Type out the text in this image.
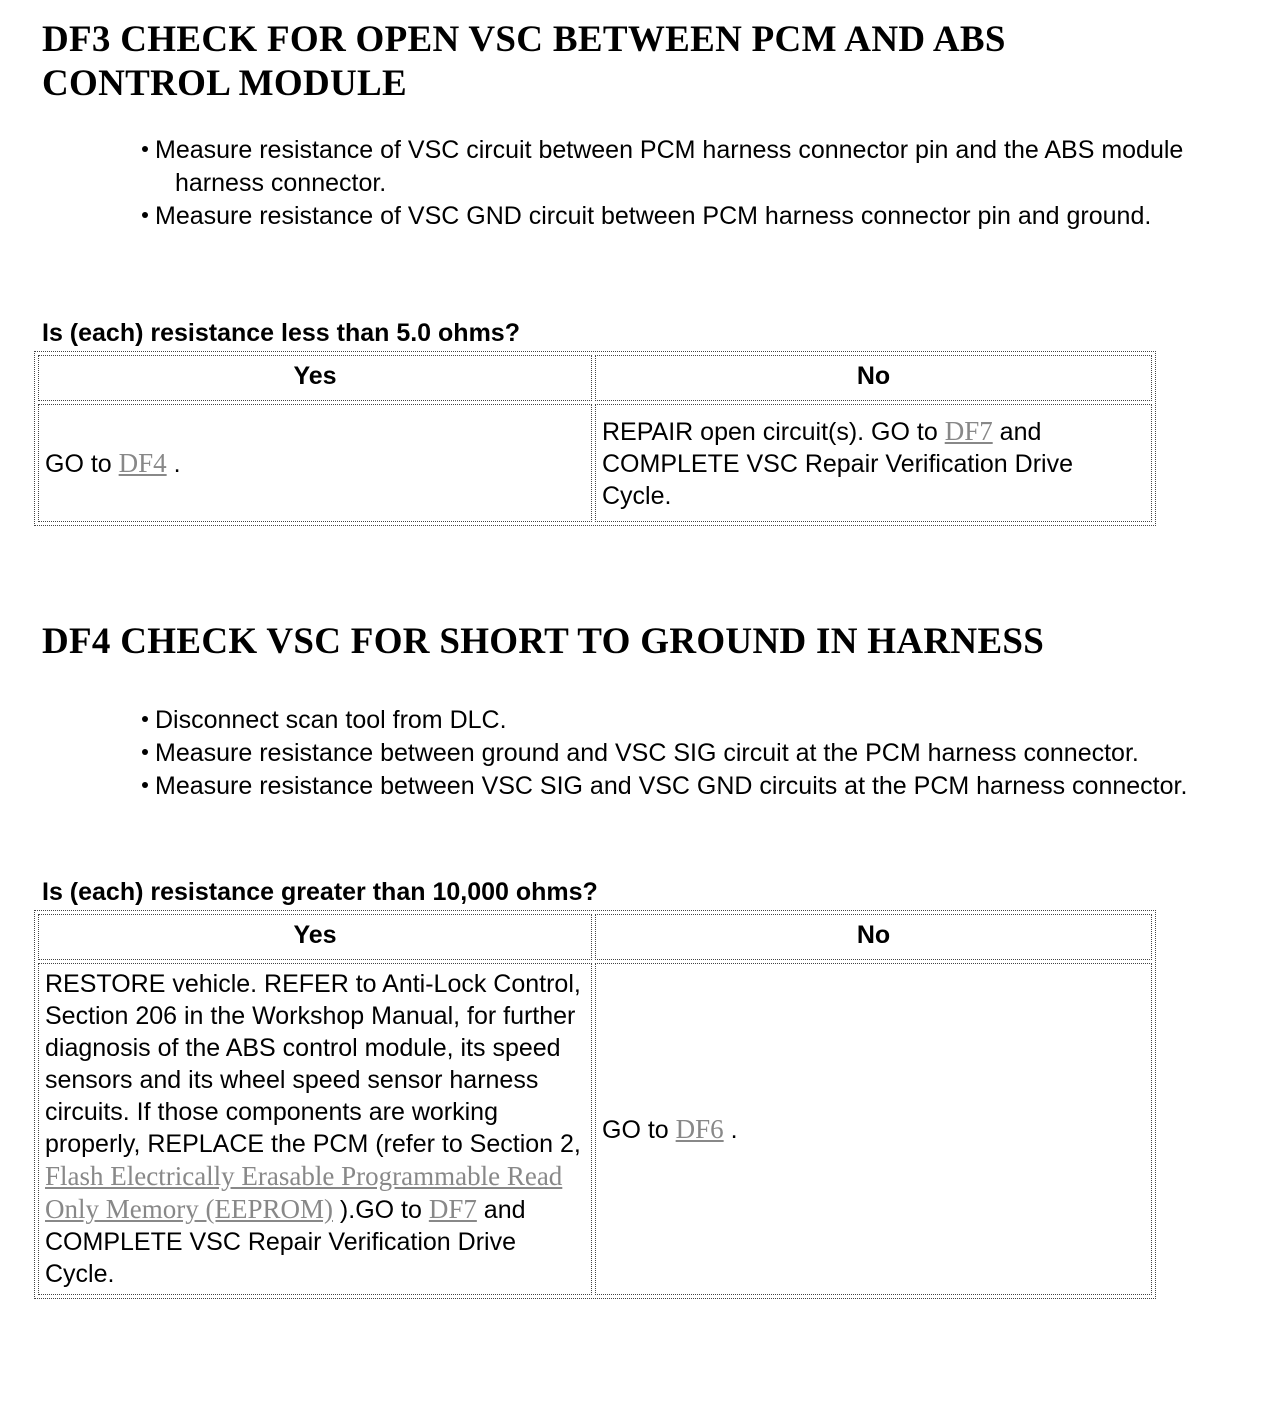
DF3 CHECK FOR OPEN VSC BETWEEN PCM AND ABS CONTROL MODULE
Measure resistance of VSC circuit between PCM harness connector pin and the ABS module harness connector.
Measure resistance of VSC GND circuit between PCM harness connector pin and ground.

Is (each) resistance less than 5.0 ohms?

Yes	No
GO to DF4 .	REPAIR open circuit(s). GO to DF7 and COMPLETE VSC Repair Verification Drive Cycle.
DF4 CHECK VSC FOR SHORT TO GROUND IN HARNESS
Disconnect scan tool from DLC.
Measure resistance between ground and VSC SIG circuit at the PCM harness connector.
Measure resistance between VSC SIG and VSC GND circuits at the PCM harness connector.

Is (each) resistance greater than 10,000 ohms?

Yes	No
RESTORE vehicle. REFER to Anti-Lock Control, Section 206 in the Workshop Manual, for further diagnosis of the ABS control module, its speed sensors and its wheel speed sensor harness circuits. If those components are working properly, REPLACE the PCM (refer to Section 2, Flash Electrically Erasable Programmable Read Only Memory (EEPROM) ).GO to DF7 and COMPLETE VSC Repair Verification Drive Cycle.	GO to DF6 .
